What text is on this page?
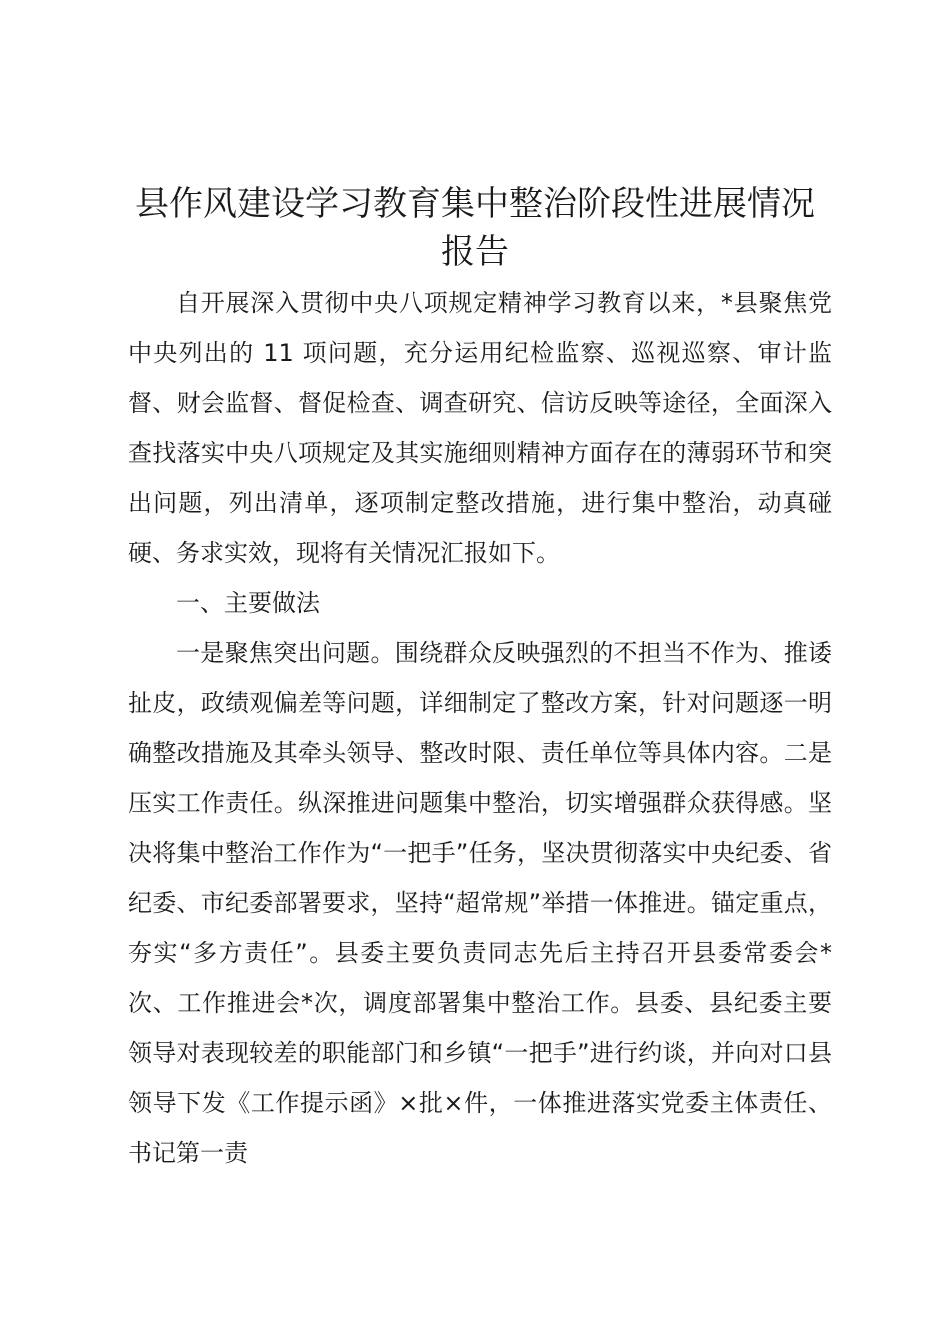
县作风建设学习教育集中整治阶段性进展情况
报告

自开展深入贯彻中央八项规定精神学习教育以来，*县聚焦党中央列出的 11 项问题，充分运用纪检监察、巡视巡察、审计监督、财会监督、督促检查、调查研究、信访反映等途径，全面深入查找落实中央八项规定及其实施细则精神方面存在的薄弱环节和突出问题，列出清单，逐项制定整改措施，进行集中整治，动真碰硬、务求实效，现将有关情况汇报如下。

一、主要做法

一是聚焦突出问题。围绕群众反映强烈的不担当不作为、推诿扯皮，政绩观偏差等问题，详细制定了整改方案，针对问题逐一明确整改措施及其牵头领导、整改时限、责任单位等具体内容。二是压实工作责任。纵深推进问题集中整治，切实增强群众获得感。坚决将集中整治工作作为“一把手”任务，坚决贯彻落实中央纪委、省纪委、市纪委部署要求，坚持“超常规”举措一体推进。锚定重点，夯实“多方责任”。县委主要负责同志先后主持召开县委常委会*次、工作推进会*次，调度部署集中整治工作。县委、县纪委主要领导对表现较差的职能部门和乡镇“一把手”进行约谈，并向对口县领导下发《工作提示函》×批×件，一体推进落实党委主体责任、书记第一责
